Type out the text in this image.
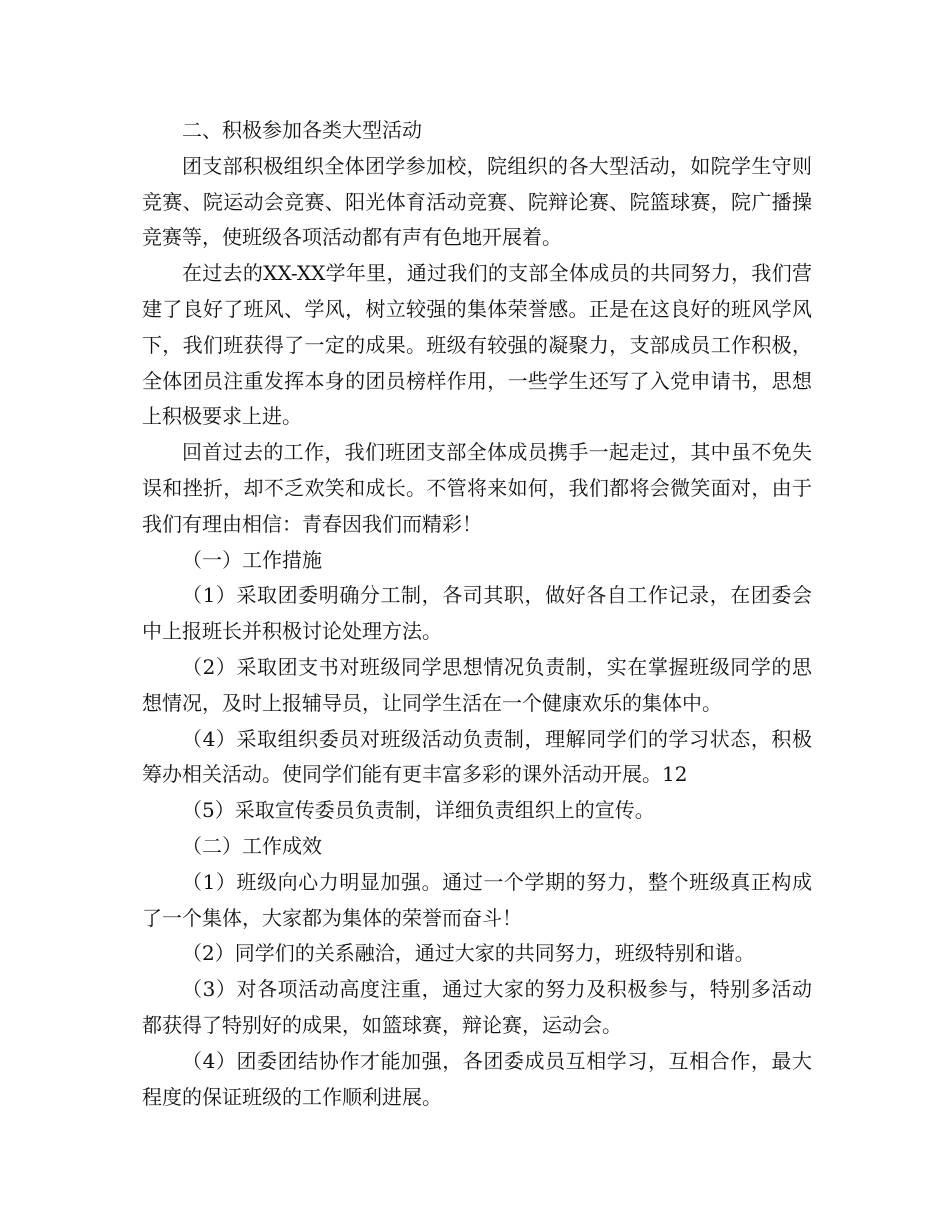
二、积极参加各类大型活动

团支部积极组织全体团学参加校，院组织的各大型活动，如院学生守则竞赛、院运动会竞赛、阳光体育活动竞赛、院辩论赛、院篮球赛，院广播操竞赛等，使班级各项活动都有声有色地开展着。

在过去的XX-XX学年里，通过我们的支部全体成员的共同努力，我们营建了良好了班风、学风，树立较强的集体荣誉感。正是在这良好的班风学风下，我们班获得了一定的成果。班级有较强的凝聚力，支部成员工作积极，全体团员注重发挥本身的团员榜样作用，一些学生还写了入党申请书，思想上积极要求上进。

回首过去的工作，我们班团支部全体成员携手一起走过，其中虽不免失误和挫折，却不乏欢笑和成长。不管将来如何，我们都将会微笑面对，由于我们有理由相信：青春因我们而精彩！

（一）工作措施

（1）采取团委明确分工制，各司其职，做好各自工作记录，在团委会中上报班长并积极讨论处理方法。

（2）采取团支书对班级同学思想情况负责制，实在掌握班级同学的思想情况，及时上报辅导员，让同学生活在一个健康欢乐的集体中。

（4）采取组织委员对班级活动负责制，理解同学们的学习状态，积极筹办相关活动。使同学们能有更丰富多彩的课外活动开展。12

（5）采取宣传委员负责制，详细负责组织上的宣传。

（二）工作成效

（1）班级向心力明显加强。通过一个学期的努力，整个班级真正构成了一个集体，大家都为集体的荣誉而奋斗！

（2）同学们的关系融洽，通过大家的共同努力，班级特别和谐。

（3）对各项活动高度注重，通过大家的努力及积极参与，特别多活动都获得了特别好的成果，如篮球赛，辩论赛，运动会。

（4）团委团结协作才能加强，各团委成员互相学习，互相合作，最大程度的保证班级的工作顺利进展。
